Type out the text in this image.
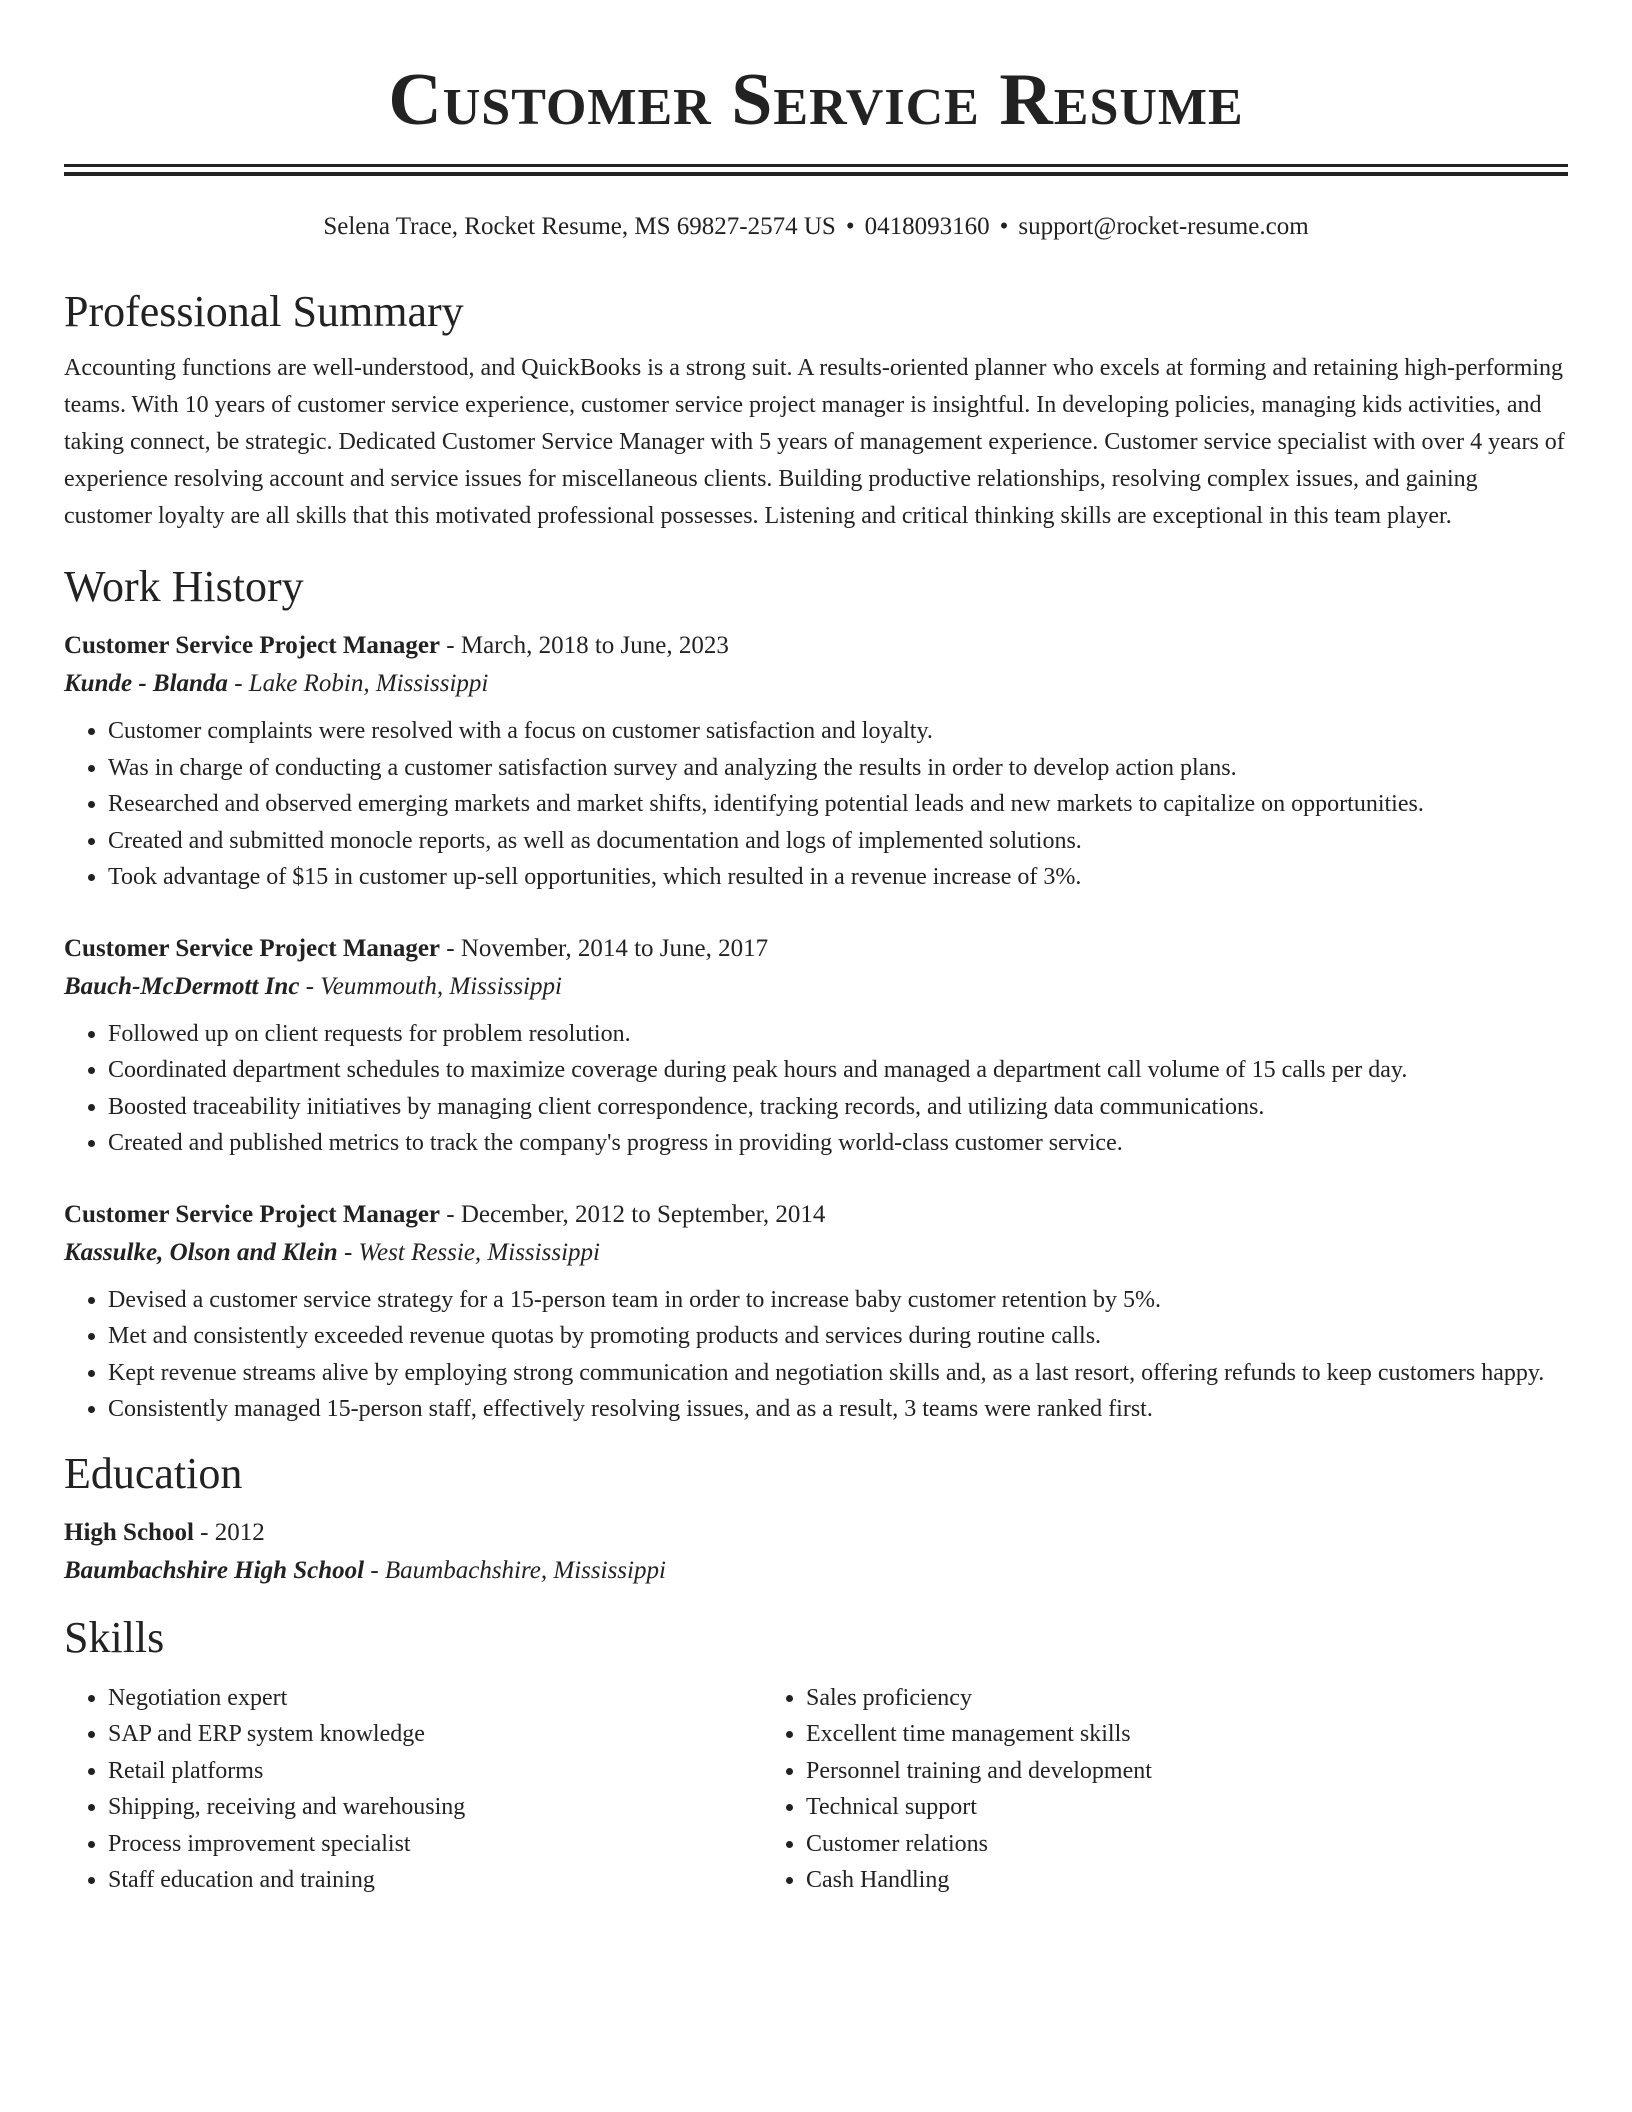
Customer Service Resume
Selena Trace, Rocket Resume, MS 69827-2574 US • 0418093160 • support@rocket-resume.com
Professional Summary

Accounting functions are well-understood, and QuickBooks is a strong suit. A results-oriented planner who excels at forming and retaining high-performing teams. With 10 years of customer service experience, customer service project manager is insightful. In developing policies, managing kids activities, and taking connect, be strategic. Dedicated Customer Service Manager with 5 years of management experience. Customer service specialist with over 4 years of experience resolving account and service issues for miscellaneous clients. Building productive relationships, resolving complex issues, and gaining customer loyalty are all skills that this motivated professional possesses. Listening and critical thinking skills are exceptional in this team player.

Work History
Customer Service Project Manager - March, 2018 to June, 2023
Kunde - Blanda - Lake Robin, Mississippi
• Customer complaints were resolved with a focus on customer satisfaction and loyalty.
• Was in charge of conducting a customer satisfaction survey and analyzing the results in order to develop action plans.
• Researched and observed emerging markets and market shifts, identifying potential leads and new markets to capitalize on opportunities.
• Created and submitted monocle reports, as well as documentation and logs of implemented solutions.
• Took advantage of $15 in customer up-sell opportunities, which resulted in a revenue increase of 3%.
Customer Service Project Manager - November, 2014 to June, 2017
Bauch-McDermott Inc - Veummouth, Mississippi
• Followed up on client requests for problem resolution.
• Coordinated department schedules to maximize coverage during peak hours and managed a department call volume of 15 calls per day.
• Boosted traceability initiatives by managing client correspondence, tracking records, and utilizing data communications.
• Created and published metrics to track the company's progress in providing world-class customer service.
Customer Service Project Manager - December, 2012 to September, 2014
Kassulke, Olson and Klein - West Ressie, Mississippi
• Devised a customer service strategy for a 15-person team in order to increase baby customer retention by 5%.
• Met and consistently exceeded revenue quotas by promoting products and services during routine calls.
• Kept revenue streams alive by employing strong communication and negotiation skills and, as a last resort, offering refunds to keep customers happy.
• Consistently managed 15-person staff, effectively resolving issues, and as a result, 3 teams were ranked first.
Education
High School - 2012
Baumbachshire High School - Baumbachshire, Mississippi
Skills
• Negotiation expert
• SAP and ERP system knowledge
• Retail platforms
• Shipping, receiving and warehousing
• Process improvement specialist
• Staff education and training
• Sales proficiency
• Excellent time management skills
• Personnel training and development
• Technical support
• Customer relations
• Cash Handling
